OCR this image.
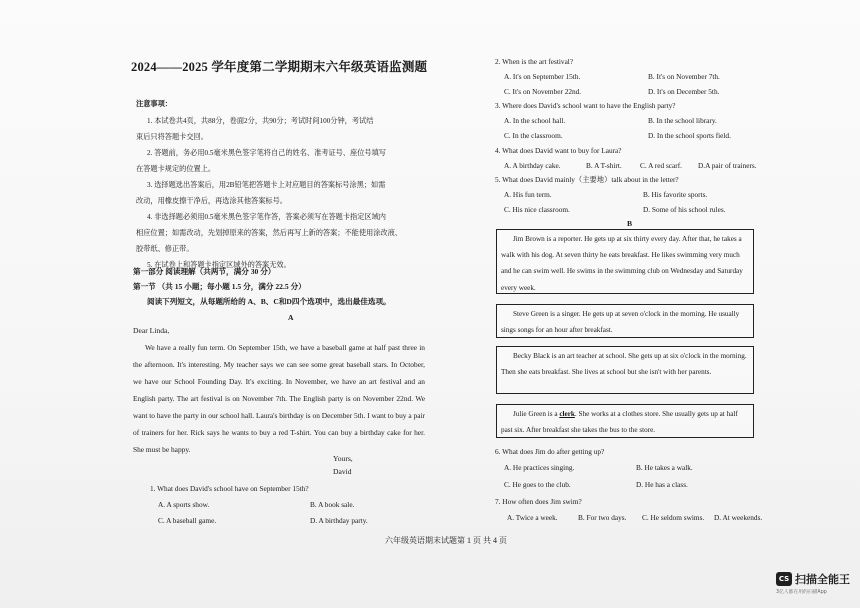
2024——2025 学年度第二学期期末六年级英语监测题
注意事项：
1. 本试卷共4页，共88分，卷面2分，共90分；考试时间100分钟，考试结
束后只将答题卡交回。
2. 答题前，务必用0.5毫米黑色签字笔将自己的姓名、准考证号、座位号填写
在答题卡规定的位置上。
3. 选择题选出答案后，用2B铅笔把答题卡上对应题目的答案标号涂黑；如需
改动，用橡皮擦干净后，再选涂其他答案标号。
4. 非选择题必须用0.5毫米黑色签字笔作答，答案必须写在答题卡指定区域内
相应位置；如需改动，先划掉原来的答案，然后再写上新的答案；不能使用涂改液、
胶带纸、修正带。
5. 在试卷上和答题卡指定区域外的答案无效。
第一部分 阅读理解（共两节，满分 30 分）
第一节 （共 15 小题；每小题 1.5 分，满分 22.5 分）
阅读下列短文，从每题所给的 A、B、C和D四个选项中，选出最佳选项。
A
Dear Linda,
We have a really fun term. On September 15th, we have a baseball game at half past three in the afternoon. It's interesting. My teacher says we can see some great baseball stars. In October, we have our School Founding Day. It's exciting. In November, we have an art festival and an English party. The art festival is on November 7th. The English party is on November 22nd. We want to have the party in our school hall. Laura's birthday is on December 5th. I want to buy a pair of trainers for her. Rick says he wants to buy a red T-shirt. You can buy a birthday cake for her. She must be happy.
Yours,
David
1. What does David's school have on September 15th?
A. A sports show.	B. A book sale.
C. A baseball game.	D. A birthday party.
2. When is the art festival?
A. It's on September 15th.	B. It's on November 7th.
C. It's on November 22nd.	D. It's on December 5th.
3. Where does David's school want to have the English party?
A. In the school hall.	B. In the school library.
C. In the classroom.	D. In the school sports field.
4. What does David want to buy for Laura?
A. A birthday cake.	B. A T-shirt.	C. A red scarf. D.A pair of trainers.
5. What does David mainly（主要地）talk about in the letter?
A. His fun term.	B. His favorite sports.
C. His nice classroom.	D. Some of his school rules.
B
Jim Brown is a reporter. He gets up at six thirty every day. After that, he takes a walk with his dog. At seven thirty he eats breakfast. He likes swimming very much and he can swim well. He swims in the swimming club on Wednesday and Saturday every week.
Steve Green is a singer. He gets up at seven o'clock in the morning. He usually sings songs for an hour after breakfast.
Becky Black is an art teacher at school. She gets up at six o'clock in the morning. Then she eats breakfast. She lives at school but she isn't with her parents.
Julie Green is a clerk. She works at a clothes store. She usually gets up at half past six. After breakfast she takes the bus to the store.
6. What does Jim do after getting up?
A. He practices singing.	B. He takes a walk.
C. He goes to the club.	D. He has a class.
7. How often does Jim swim?
A. Twice a week.	B. For two days. C. He seldom swims. D. At weekends.
六年级英语期末试题第 1 页 共 4 页
CS 扫描全能王
3亿人都在用的扫描App
